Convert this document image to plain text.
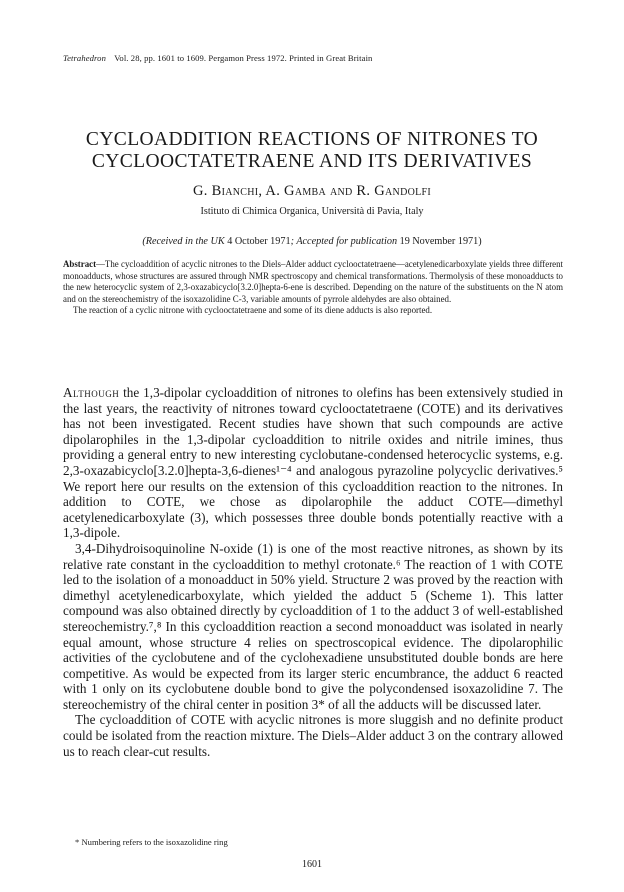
Tetrahedron Vol. 28, pp. 1601 to 1609. Pergamon Press 1972. Printed in Great Britain
CYCLOADDITION REACTIONS OF NITRONES TO
CYCLOOCTATETRAENE AND ITS DERIVATIVES
G. Bianchi, A. Gamba and R. Gandolfi
Istituto di Chimica Organica, Università di Pavia, Italy
(Received in the UK 4 October 1971; Accepted for publication 19 November 1971)

Abstract—The cycloaddition of acyclic nitrones to the Diels–Alder adduct cyclooctatetraene—acetylenedicarboxylate yields three different monoadducts, whose structures are assured through NMR spectroscopy and chemical transformations. Thermolysis of these monoadducts to the new heterocyclic system of 2,3-oxazabicyclo[3.2.0]hepta-6-ene is described. Depending on the nature of the substituents on the N atom and on the stereochemistry of the isoxazolidine C-3, variable amounts of pyrrole aldehydes are also obtained.

The reaction of a cyclic nitrone with cyclooctatetraene and some of its diene adducts is also reported.

Although the 1,3-dipolar cycloaddition of nitrones to olefins has been extensively studied in the last years, the reactivity of nitrones toward cyclooctatetraene (COTE) and its derivatives has not been investigated. Recent studies have shown that such compounds are active dipolarophiles in the 1,3-dipolar cycloaddition to nitrile oxides and nitrile imines, thus providing a general entry to new interesting cyclobutane-condensed heterocyclic systems, e.g. 2,3-oxazabicyclo[3.2.0]hepta-3,6-dienes¹⁻⁴ and analogous pyrazoline polycyclic derivatives.⁵ We report here our results on the extension of this cycloaddition reaction to the nitrones. In addition to COTE, we chose as dipolarophile the adduct COTE—dimethyl acetylenedicarboxylate (3), which possesses three double bonds potentially reactive with a 1,3-dipole.

3,4-Dihydroisoquinoline N-oxide (1) is one of the most reactive nitrones, as shown by its relative rate constant in the cycloaddition to methyl crotonate.⁶ The reaction of 1 with COTE led to the isolation of a monoadduct in 50% yield. Structure 2 was proved by the reaction with dimethyl acetylenedicarboxylate, which yielded the adduct 5 (Scheme 1). This latter compound was also obtained directly by cycloaddition of 1 to the adduct 3 of well-established stereochemistry.⁷,⁸ In this cycloaddition reaction a second monoadduct was isolated in nearly equal amount, whose structure 4 relies on spectroscopical evidence. The dipolarophilic activities of the cyclobutene and of the cyclohexadiene unsubstituted double bonds are here competitive. As would be expected from its larger steric encumbrance, the adduct 6 reacted with 1 only on its cyclobutene double bond to give the polycondensed isoxazolidine 7. The stereochemistry of the chiral center in position 3* of all the adducts will be discussed later.

The cycloaddition of COTE with acyclic nitrones is more sluggish and no definite product could be isolated from the reaction mixture. The Diels–Alder adduct 3 on the contrary allowed us to reach clear-cut results.

* Numbering refers to the isoxazolidine ring
1601
